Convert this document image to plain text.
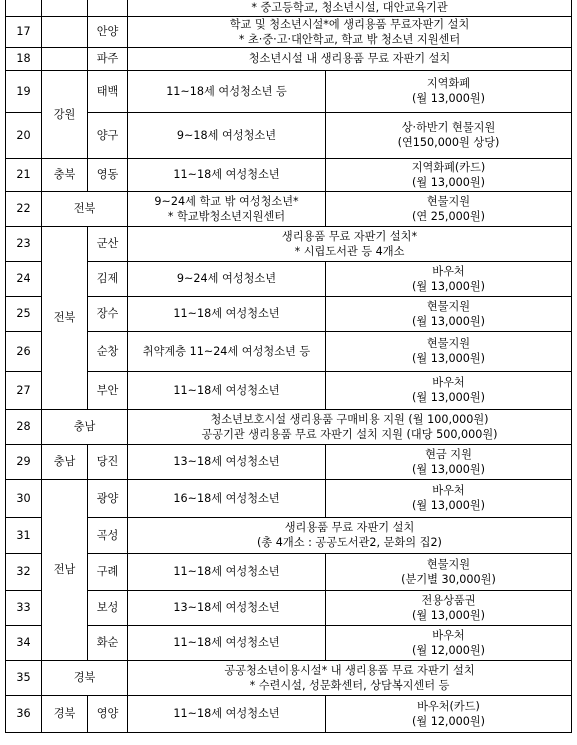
			* 중고등학교, 청소년시설, 대안교육기관	

17		안양	학교 및 청소년시설*에 생리용품 무료자판기 설치
* 초·중·고·대안학교, 학교 밖 청소년 지원센터	

18		파주	청소년시설 내 생리용품 무료 자판기 설치	

19	강원	태백	11~18세 여성청소년 등	지역화폐
(월 13,000원)

20		양구	9~18세 여성청소년	상·하반기 현물지원
(연150,000원 상당)

21	충북	영동	11~18세 여성청소년	지역화폐(카드)
(월 13,000원)

22	전북		9~24세 학교 밖 여성청소년*
* 학교밖청소년지원센터	현물지원
(연 25,000원)

23	전북	군산	생리용품 무료 자판기 설치*
* 시립도서관 등 4개소	

24		김제	9~24세 여성청소년	바우처
(월 13,000원)

25		장수	11~18세 여성청소년	현물지원
(월 13,000원)

26		순창	취약계층 11~24세 여성청소년 등	현물지원
(월 13,000원)

27		부안	11~18세 여성청소년	바우처
(월 13,000원)

28	충남		청소년보호시설 생리용품 구매비용 지원 (월 100,000원)
공공기관 생리용품 무료 자판기 설치 지원 (대당 500,000원)	

29	충남	당진	13~18세 여성청소년	현금 지원
(월 13,000원)

30	전남	광양	16~18세 여성청소년	바우처
(월 13,000원)

31		곡성	생리용품 무료 자판기 설치
(총 4개소 : 공공도서관2, 문화의 집2)	

32		구례	11~18세 여성청소년	현물지원
(분기별 30,000원)

33		보성	13~18세 여성청소년	전용상품권
(월 13,000원)

34		화순	11~18세 여성청소년	바우처
(월 12,000원)

35	경북		공공청소년이용시설* 내 생리용품 무료 자판기 설치
* 수련시설, 성문화센터, 상담복지센터 등	

36	경북	영양	11~18세 여성청소년	바우처(카드)
(월 12,000원)
